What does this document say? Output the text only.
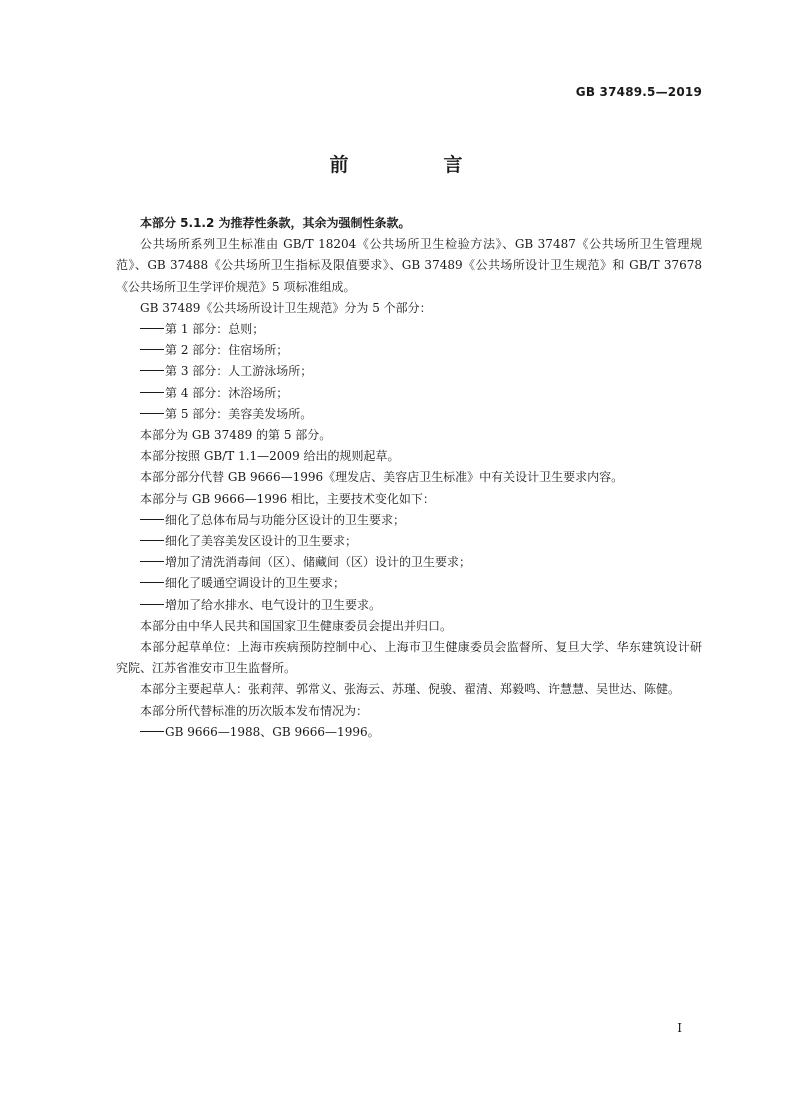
GB 37489.5—2019
前　言

本部分 5.1.2 为推荐性条款，其余为强制性条款。

公共场所系列卫生标准由 GB/T 18204《公共场所卫生检验方法》、GB 37487《公共场所卫生管理规范》、GB 37488《公共场所卫生指标及限值要求》、GB 37489《公共场所设计卫生规范》和 GB/T 37678《公共场所卫生学评价规范》5 项标准组成。

GB 37489《公共场所设计卫生规范》分为 5 个部分：

第 1 部分：总则；

第 2 部分：住宿场所；

第 3 部分：人工游泳场所；

第 4 部分：沐浴场所；

第 5 部分：美容美发场所。

本部分为 GB 37489 的第 5 部分。

本部分按照 GB/T 1.1—2009 给出的规则起草。

本部分部分代替 GB 9666—1996《理发店、美容店卫生标准》中有关设计卫生要求内容。

本部分与 GB 9666—1996 相比，主要技术变化如下：

细化了总体布局与功能分区设计的卫生要求；

细化了美容美发区设计的卫生要求；

增加了清洗消毒间（区）、储藏间（区）设计的卫生要求；

细化了暖通空调设计的卫生要求；

增加了给水排水、电气设计的卫生要求。

本部分由中华人民共和国国家卫生健康委员会提出并归口。

本部分起草单位：上海市疾病预防控制中心、上海市卫生健康委员会监督所、复旦大学、华东建筑设计研究院、江苏省淮安市卫生监督所。

本部分主要起草人：张莉萍、郭常义、张海云、苏瑾、倪骏、翟清、郑毅鸣、许慧慧、吴世达、陈健。

本部分所代替标准的历次版本发布情况为：

GB 9666—1988、GB 9666—1996。

I
